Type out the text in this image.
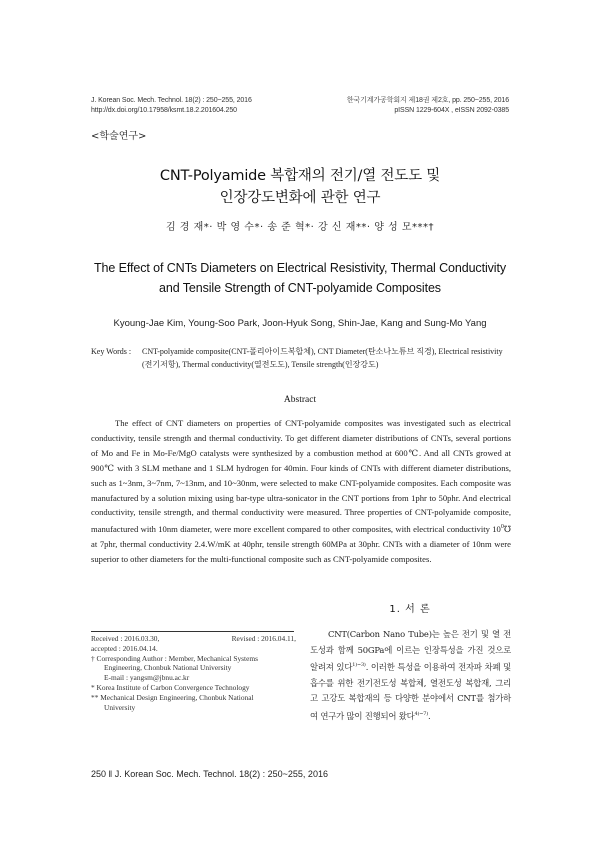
J. Korean Soc. Mech. Technol. 18(2) : 250~255, 2016
http://dx.doi.org/10.17958/ksmt.18.2.201604.250
한국기계가공학회지 제18권 제2호, pp. 250~255, 2016
pISSN 1229-604X , eISSN 2092-0385
<학술연구>
CNT-Polyamide 복합재의 전기/열 전도도 및
인장강도변화에 관한 연구
김 경 재*· 박 영 수*· 송 준 혁*· 강 신 재**· 양 성 모***†
The Effect of CNTs Diameters on Electrical Resistivity, Thermal Conductivity
and Tensile Strength of CNT-polyamide Composites
Kyoung-Jae Kim, Young-Soo Park, Joon-Hyuk Song, Shin-Jae, Kang and Sung-Mo Yang
Key Words :	CNT-polyamide composite(CNT-폴리아이드복합체), CNT Diameter(탄소나노튜브 직경), Electrical resistivity
(전기저항), Thermal conductivity(열전도도), Tensile strength(인장강도)
Abstract
The effect of CNT diameters on properties of CNT-polyamide composites was investigated such as electrical conductivity, tensile strength and thermal conductivity. To get different diameter distributions of CNTs, several portions of Mo and Fe in Mo-Fe/MgO catalysts were synthesized by a combustion method at 600℃. And all CNTs growed at 900℃ with 3 SLM methane and 1 SLM hydrogen for 40min. Four kinds of CNTs with different diameter distributions, such as 1~3nm, 3~7nm, 7~13nm, and 10~30nm, were selected to make CNT-polyamide composites. Each composite was manufactured by a solution mixing using bar-type ultra-sonicator in the CNT portions from 1phr to 50phr. And electrical conductivity, tensile strength, and thermal conductivity were measured. Three properties of CNT-polyamide composite, manufactured with 10nm diameter, were more excellent compared to other composites, with electrical conductivity $10^0℧$ at 7phr, thermal conductivity 2.4.W/mK at 40phr, tensile strength 60MPa at 30phr. CNTs with a diameter of 10nm were superior to other diameters for the multi-functional composite such as CNT-polyamide composites.
Received : 2016.03.30,	Revised : 2016.04.11,
accepted : 2016.04.14.
† Corresponding Author : Member, Mechanical Systems
Engineering, Chonbuk National University
E-mail : yangsm@jbnu.ac.kr
* Korea Institute of Carbon Convergence Technology
** Mechanical Design Engineering, Chonbuk National
University
1. 서 론
CNT(Carbon Nano Tube)는 높은 전기 및 열 전도성과 함께 50GPa에 이르는 인장특성을 가진 것으로 알려져 있다$^{1)\sim 3)}$. 이러한 특성을 이용하여 전자파 차폐 및 흡수를 위한 전기전도성 복합체, 열전도성 복합재, 그리고 고강도 복합재의 등 다양한 분야에서 CNT를 첨가하여 연구가 많이 진행되어 왔다$^{4)\sim 7)}$.
250 ‖ J. Korean Soc. Mech. Technol. 18(2) : 250~255, 2016
